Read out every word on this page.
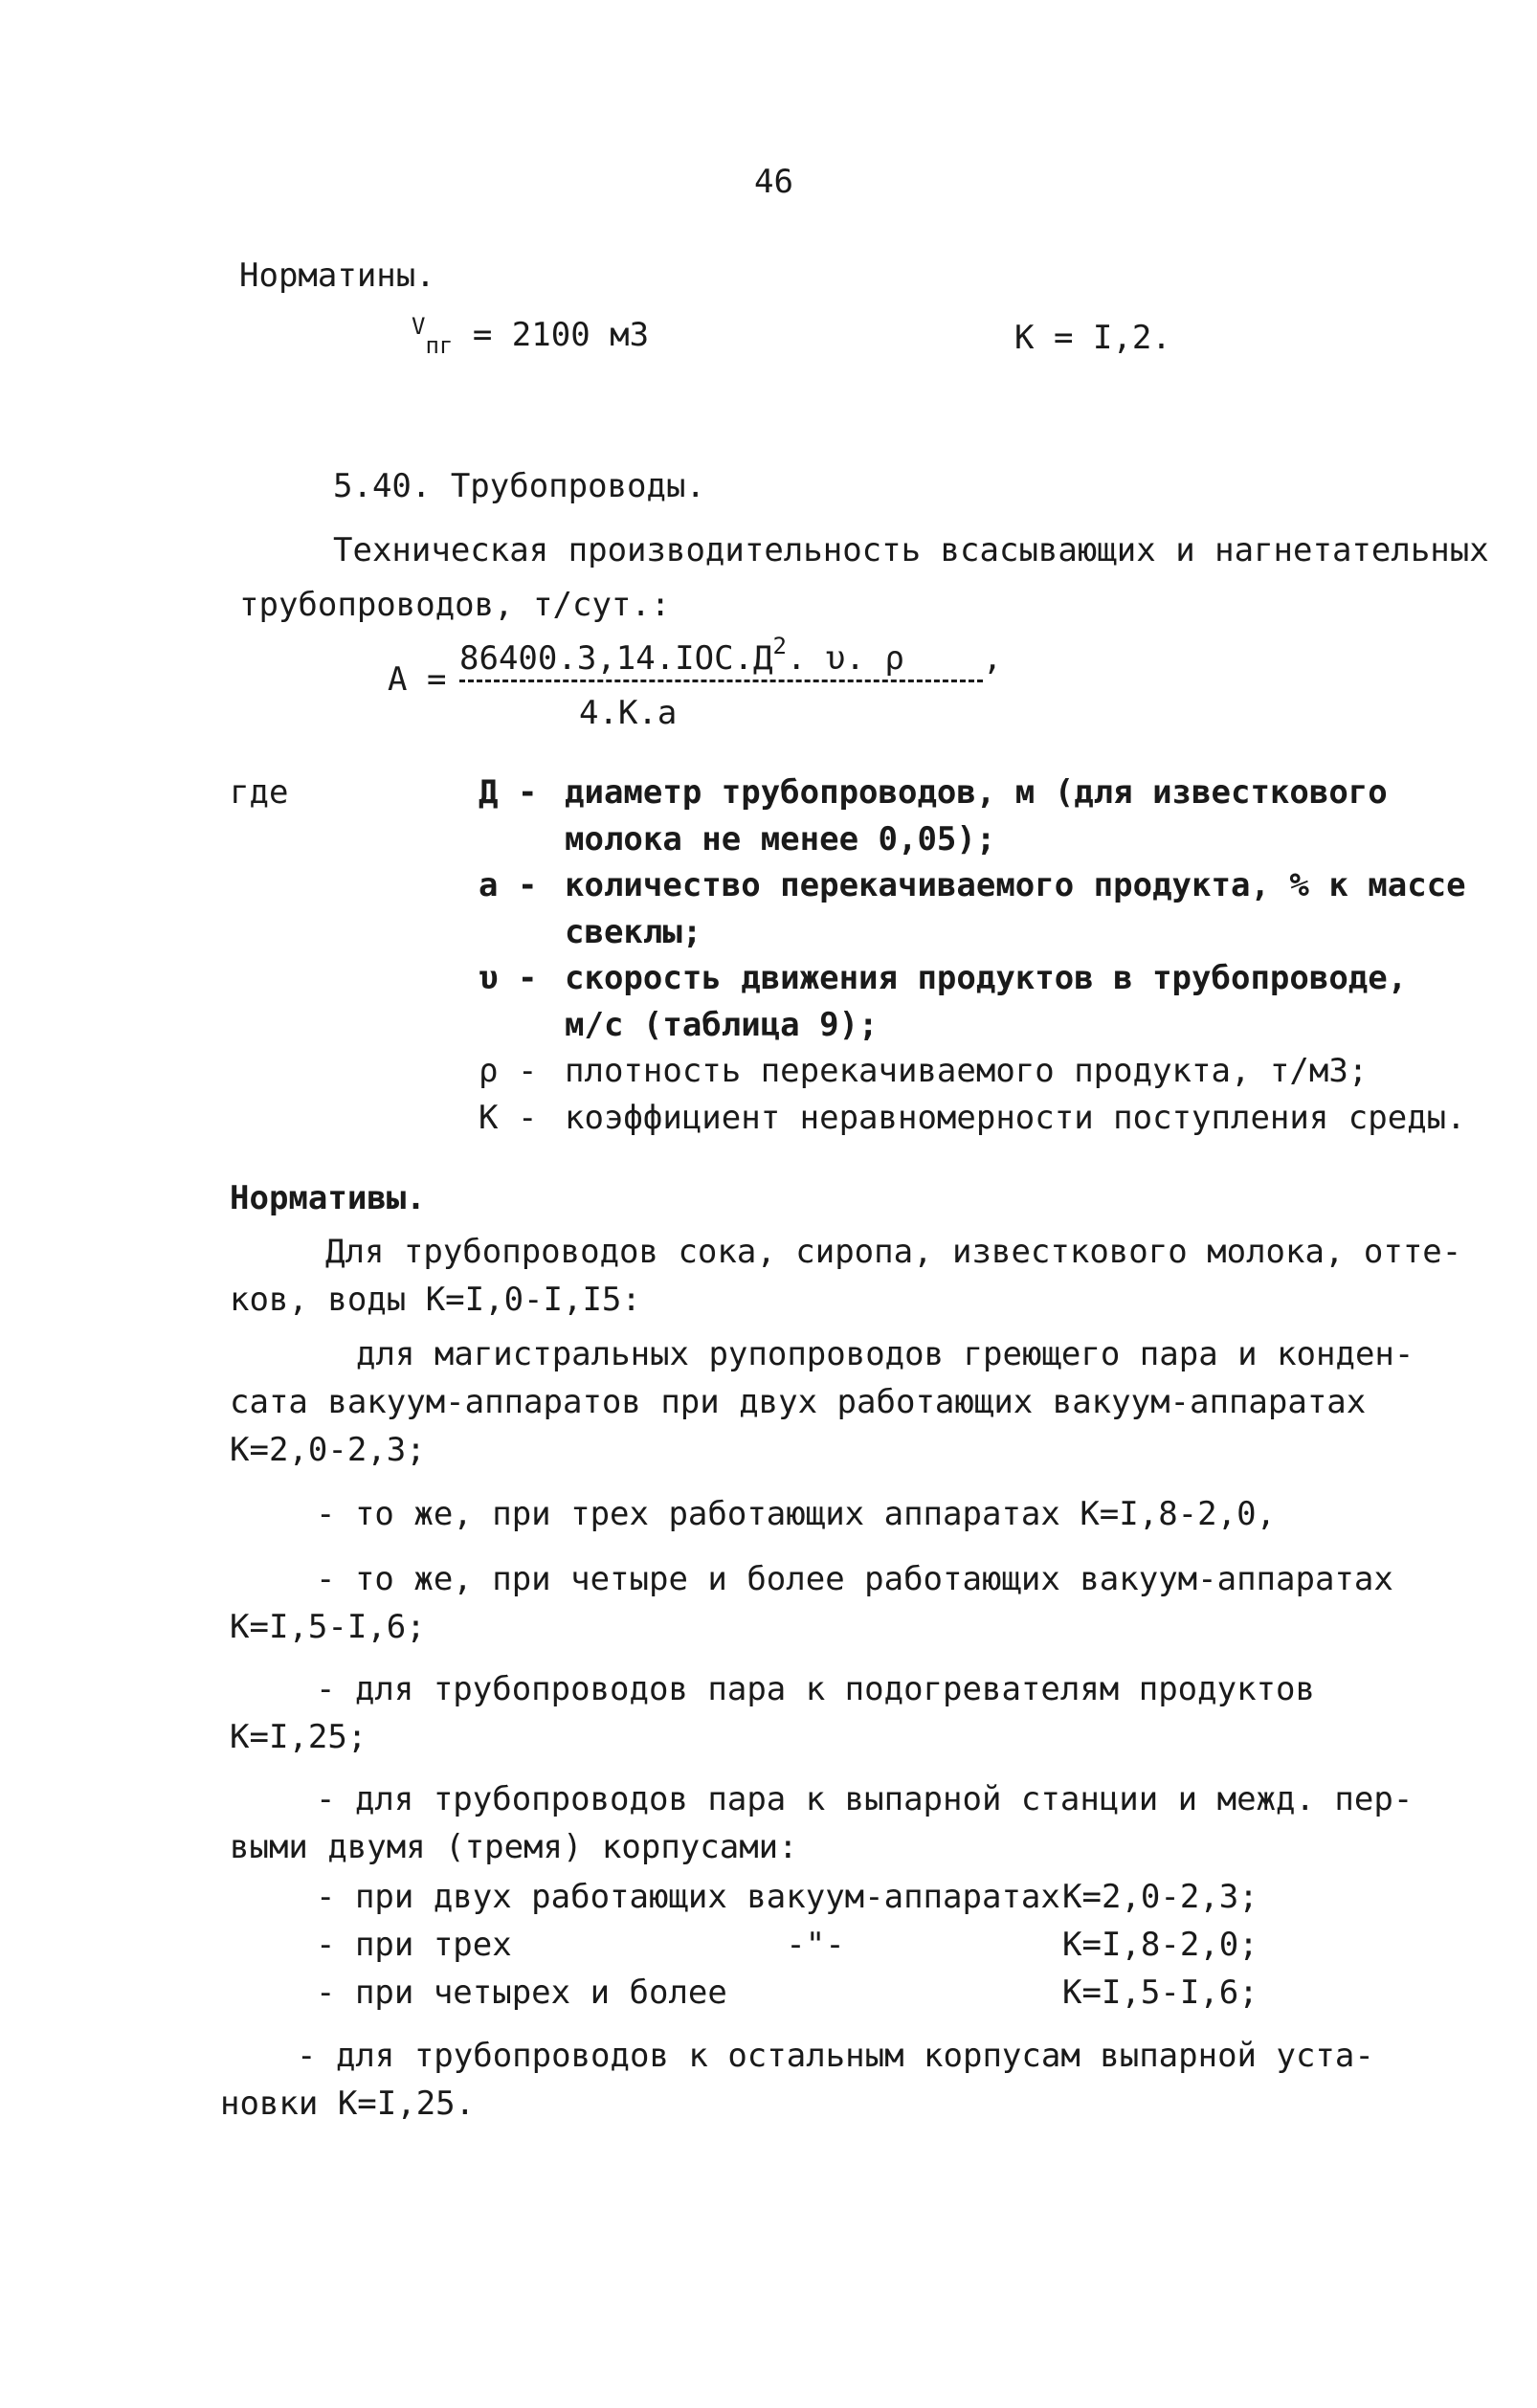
46
Норматины.
$^V_{пг}$ = 2100 м3	K = I,2.
5.40. Трубопроводы.
Техническая производительность всасывающих и нагнетательных
трубопроводов, т/сут.:
А =
$86400.3,14.IOC.Д^2$. υ. ρ ,
4.К.а
где	Д - диаметр трубопроводов, м (для известкового
молока не менее 0,05);
а - количество перекачиваемого продукта, % к массе
свеклы;
υ - скорость движения продуктов в трубопроводе,
м/с (таблица 9);
ρ - плотность перекачиваемого продукта, т/м3;
К - коэффициент неравномерности поступления среды.
Нормативы.
Для трубопроводов сока, сиропа, известкового молока, отте-
ков, воды К=I,0-I,I5:
для магистральных рупопроводов греющего пара и конден-
сата вакуум-аппаратов при двух работающих вакуум-аппаратах
К=2,0-2,3;
- то же, при трех работающих аппаратах К=I,8-2,0,
- то же, при четыре и более работающих вакуум-аппаратах
К=I,5-I,6;
- для трубопроводов пара к подогревателям продуктов
К=I,25;
- для трубопроводов пара к выпарной станции и межд. пер-
выми двумя (тремя) корпусами:
- при двух работающих вакуум-аппаратах К=2,0-2,3;
- при трех              -"-	К=I,8-2,0;
- при четырех и более	К=I,5-I,6;
- для трубопроводов к остальным корпусам выпарной уста-
новки К=I,25.
